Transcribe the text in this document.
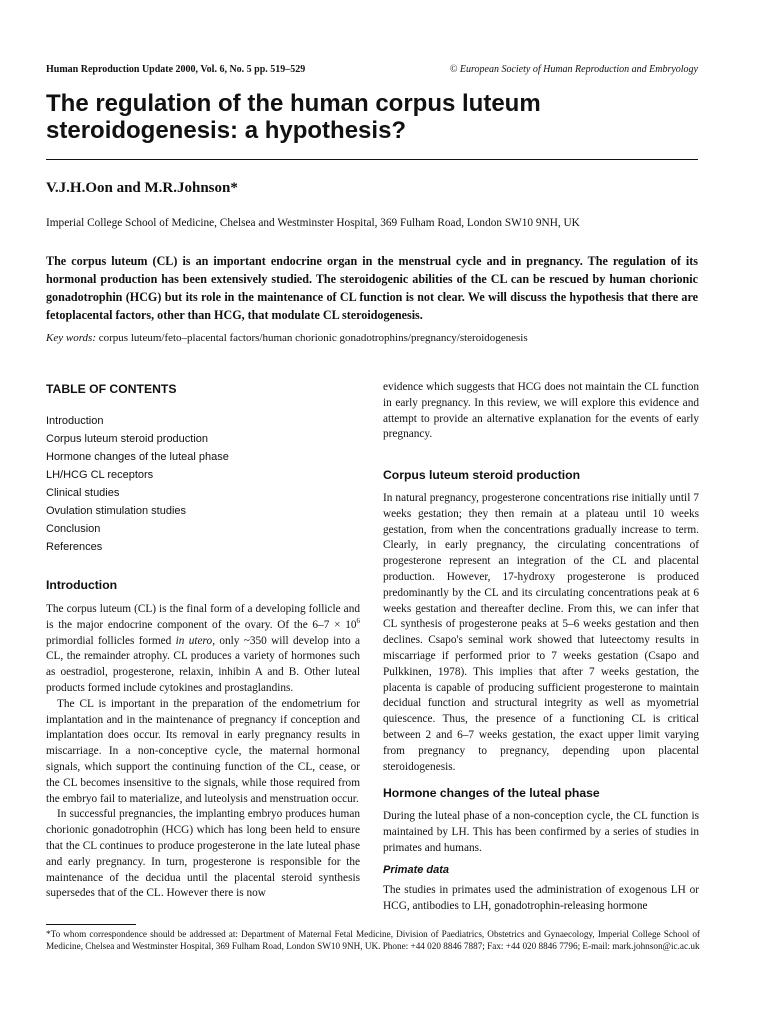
Human Reproduction Update 2000, Vol. 6, No. 5 pp. 519–529	© European Society of Human Reproduction and Embryology
The regulation of the human corpus luteum steroidogenesis: a hypothesis?
V.J.H.Oon and M.R.Johnson*
Imperial College School of Medicine, Chelsea and Westminster Hospital, 369 Fulham Road, London SW10 9NH, UK

The corpus luteum (CL) is an important endocrine organ in the menstrual cycle and in pregnancy. The regulation of its hormonal production has been extensively studied. The steroidogenic abilities of the CL can be rescued by human chorionic gonadotrophin (HCG) but its role in the maintenance of CL function is not clear. We will discuss the hypothesis that there are fetoplacental factors, other than HCG, that modulate CL steroidogenesis.

Key words: corpus luteum/feto–placental factors/human chorionic gonadotrophins/pregnancy/steroidogenesis
TABLE OF CONTENTS
Introduction
Corpus luteum steroid production
Hormone changes of the luteal phase
LH/HCG CL receptors
Clinical studies
Ovulation stimulation studies
Conclusion
References
Introduction

The corpus luteum (CL) is the final form of a developing follicle and is the major endocrine component of the ovary. Of the $6-7 \times 10^6$ primordial follicles formed in utero, only ~350 will develop into a CL, the remainder atrophy. CL produces a variety of hormones such as oestradiol, progesterone, relaxin, inhibin A and B. Other luteal products formed include cytokines and prostaglandins.

The CL is important in the preparation of the endometrium for implantation and in the maintenance of pregnancy if conception and implantation does occur. Its removal in early pregnancy results in miscarriage. In a non-conceptive cycle, the maternal hormonal signals, which support the continuing function of the CL, cease, or the CL becomes insensitive to the signals, while those required from the embryo fail to materialize, and luteolysis and menstruation occur.

In successful pregnancies, the implanting embryo produces human chorionic gonadotrophin (HCG) which has long been held to ensure that the CL continues to produce progesterone in the late luteal phase and early pregnancy. In turn, progesterone is responsible for the maintenance of the decidua until the placental steroid synthesis supersedes that of the CL. However there is now

evidence which suggests that HCG does not maintain the CL function in early pregnancy. In this review, we will explore this evidence and attempt to provide an alternative explanation for the events of early pregnancy.

Corpus luteum steroid production

In natural pregnancy, progesterone concentrations rise initially until 7 weeks gestation; they then remain at a plateau until 10 weeks gestation, from when the concentrations gradually increase to term. Clearly, in early pregnancy, the circulating concentrations of progesterone represent an integration of the CL and placental production. However, 17-hydroxy progesterone is produced predominantly by the CL and its circulating concentrations peak at 6 weeks gestation and thereafter decline. From this, we can infer that CL synthesis of progesterone peaks at 5–6 weeks gestation and then declines. Csapo's seminal work showed that luteectomy results in miscarriage if performed prior to 7 weeks gestation (Csapo and Pulkkinen, 1978). This implies that after 7 weeks gestation, the placenta is capable of producing sufficient progesterone to maintain decidual function and structural integrity as well as myometrial quiescence. Thus, the presence of a functioning CL is critical between 2 and 6–7 weeks gestation, the exact upper limit varying from pregnancy to pregnancy, depending upon placental steroidogenesis.

Hormone changes of the luteal phase

During the luteal phase of a non-conception cycle, the CL function is maintained by LH. This has been confirmed by a series of studies in primates and humans.

Primate data

The studies in primates used the administration of exogenous LH or HCG, antibodies to LH, gonadotrophin-releasing hormone

*To whom correspondence should be addressed at: Department of Maternal Fetal Medicine, Division of Paediatrics, Obstetrics and Gynaecology, Imperial College School of Medicine, Chelsea and Westminster Hospital, 369 Fulham Road, London SW10 9NH, UK. Phone: +44 020 8846 7887; Fax: +44 020 8846 7796; E-mail: mark.johnson@ic.ac.uk
